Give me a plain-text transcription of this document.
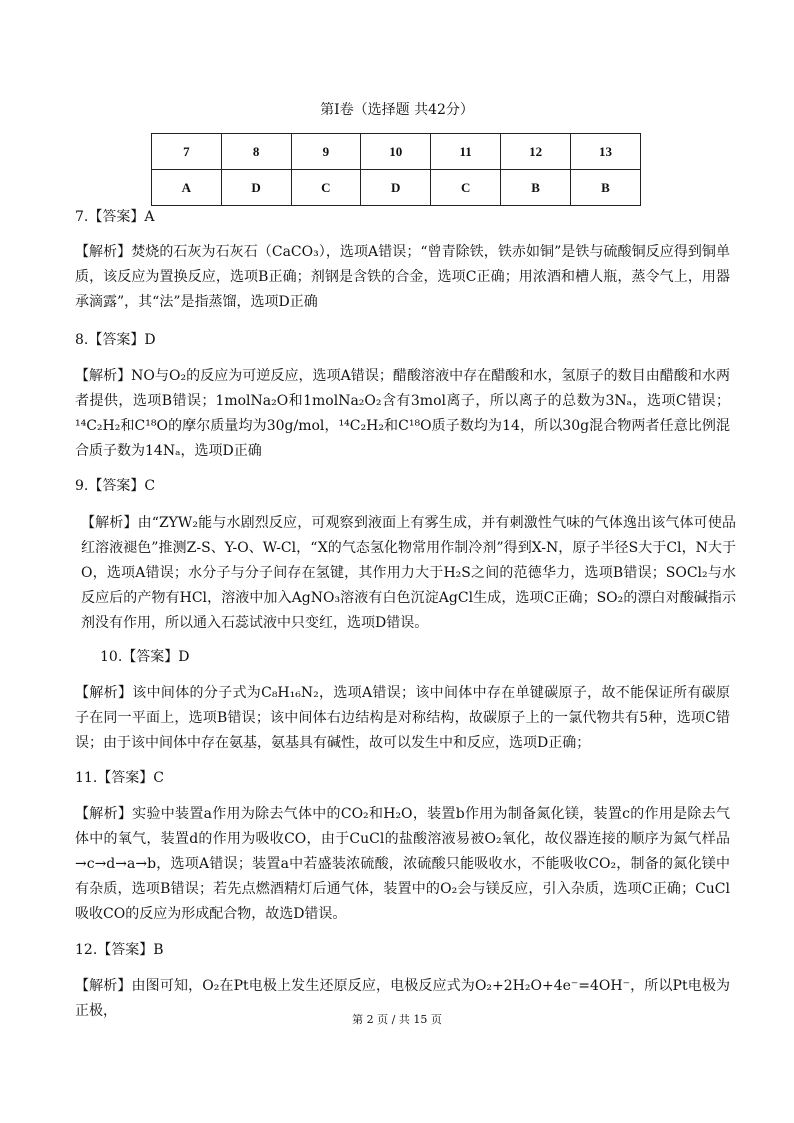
第Ⅰ卷（选择题 共42分）
7	8	9	10	11	12	13
A	D	C	D	C	B	B
7.【答案】A
【解析】焚烧的石灰为石灰石（CaCO₃），选项A错误；“曾青除铁，铁赤如铜”是铁与硫酸铜反应得到铜单质，该反应为置换反应，选项B正确；剂钢是含铁的合金，选项C正确；用浓酒和槽人瓶，蒸令气上，用器承滴露”，其“法”是指蒸馏，选项D正确
8.【答案】D
【解析】NO与O₂的反应为可逆反应，选项A错误；醋酸溶液中存在醋酸和水，氢原子的数目由醋酸和水两者提供，选项B错误；1molNa₂O和1molNa₂O₂含有3mol离子，所以离子的总数为3Nₐ，选项C错误；¹⁴C₂H₂和C¹⁸O的摩尔质量均为30g/mol，¹⁴C₂H₂和C¹⁸O质子数均为14，所以30g混合物两者任意比例混合质子数为14Nₐ，选项D正确
9.【答案】C
【解析】由“ZYW₂能与水剧烈反应，可观察到液面上有雾生成，并有刺激性气味的气体逸出该气体可使品红溶液褪色”推测Z-S、Y-O、W-Cl，“X的气态氢化物常用作制冷剂”得到X-N，原子半径S大于Cl，N大于O，选项A错误；水分子与分子间存在氢键，其作用力大于H₂S之间的范德华力，选项B错误；SOCl₂与水反应后的产物有HCl，溶液中加入AgNO₃溶液有白色沉淀AgCl生成，选项C正确；SO₂的漂白对酸碱指示剂没有作用，所以通入石蕊试液中只变红，选项D错误。
10.【答案】D
【解析】该中间体的分子式为C₈H₁₆N₂，选项A错误；该中间体中存在单键碳原子，故不能保证所有碳原子在同一平面上，选项B错误；该中间体右边结构是对称结构，故碳原子上的一氯代物共有5种，选项C错误；由于该中间体中存在氨基，氨基具有碱性，故可以发生中和反应，选项D正确；
11.【答案】C
【解析】实验中装置a作用为除去气体中的CO₂和H₂O，装置b作用为制备氮化镁，装置c的作用是除去气体中的氧气，装置d的作用为吸收CO，由于CuCl的盐酸溶液易被O₂氧化，故仪器连接的顺序为氮气样品→c→d→a→b，选项A错误；装置a中若盛装浓硫酸，浓硫酸只能吸收水，不能吸收CO₂，制备的氮化镁中有杂质，选项B错误；若先点燃酒精灯后通气体，装置中的O₂会与镁反应，引入杂质，选项C正确；CuCl吸收CO的反应为形成配合物，故选D错误。
12.【答案】B
【解析】由图可知，O₂在Pt电极上发生还原反应，电极反应式为O₂+2H₂O+4e⁻=4OH⁻，所以Pt电极为正极，
第 2 页 / 共 15 页
